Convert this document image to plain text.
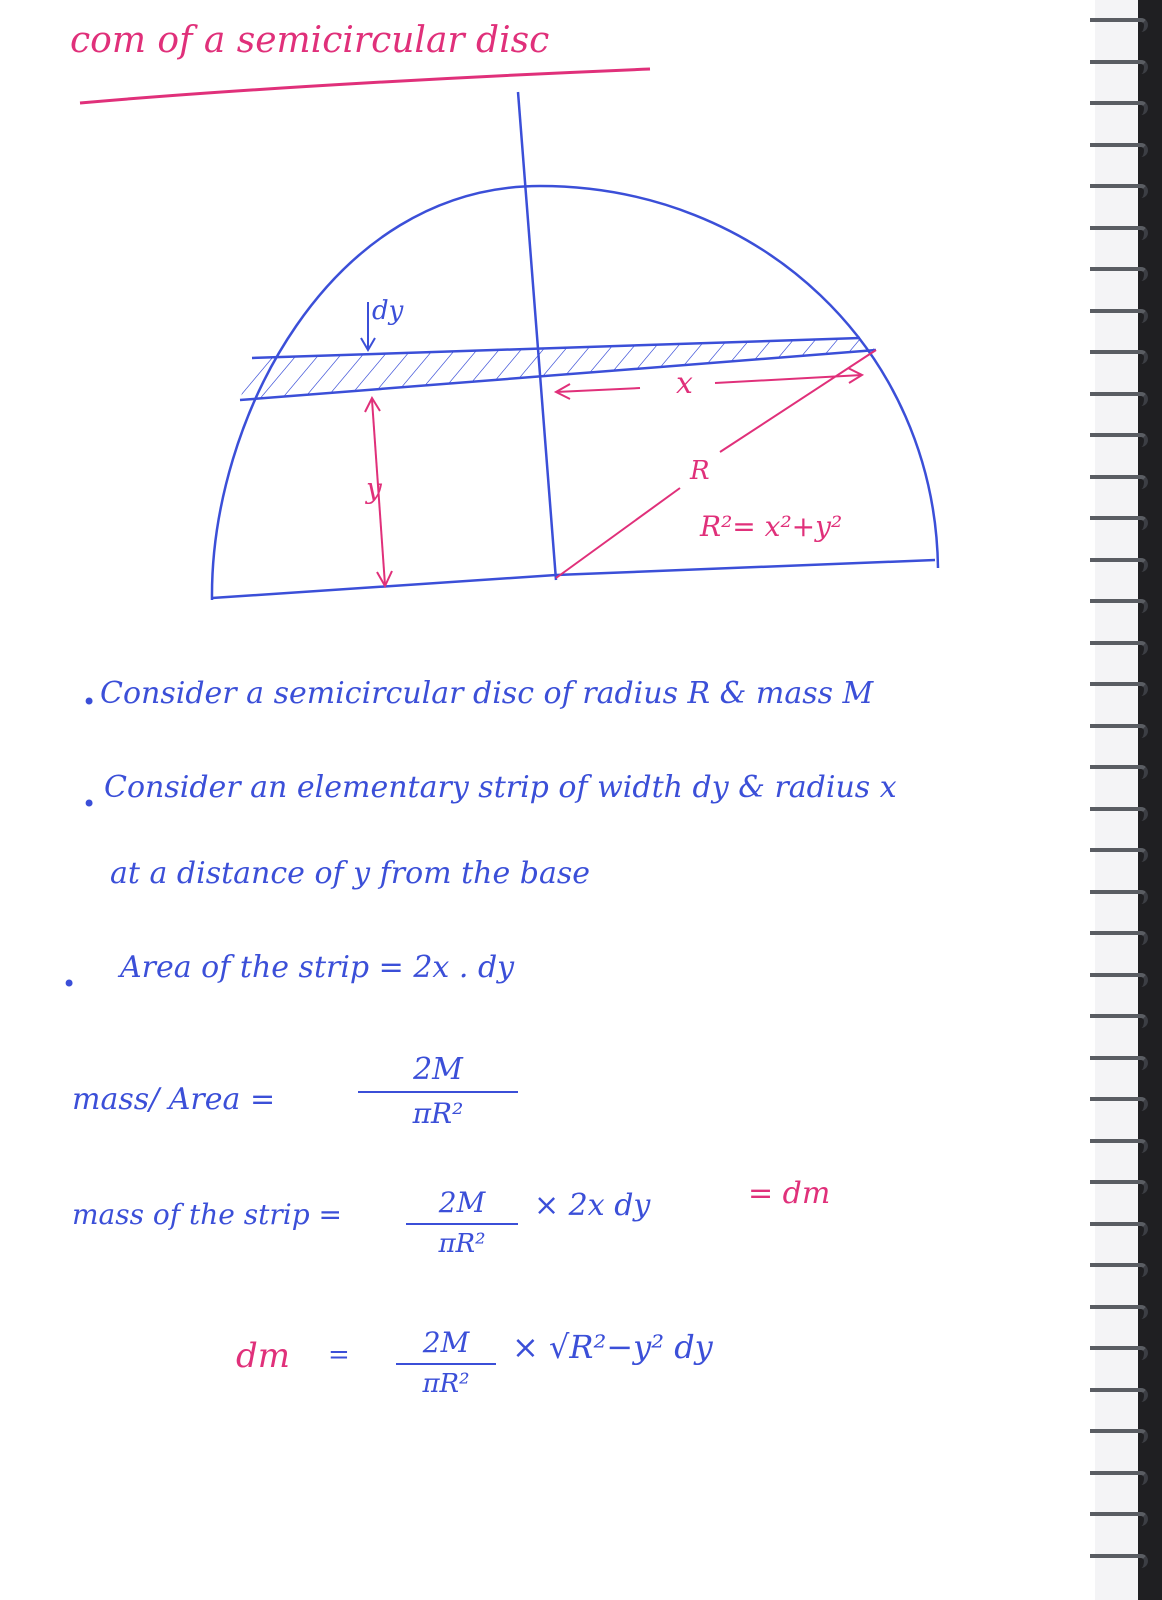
com of a semicircular disc
dy
x
y
R
R²= x²+y²
• Consider a semicircular disc of radius R & mass M
• Consider an elementary strip of width dy & radius x
at a distance of y from the base
• Area of the strip = 2x . dy
mass/ Area =
2M
πR²
mass of the strip =	2M
πR²
× 2x dy	= dm
dm =	2M
πR²
× √R²−y² dy
